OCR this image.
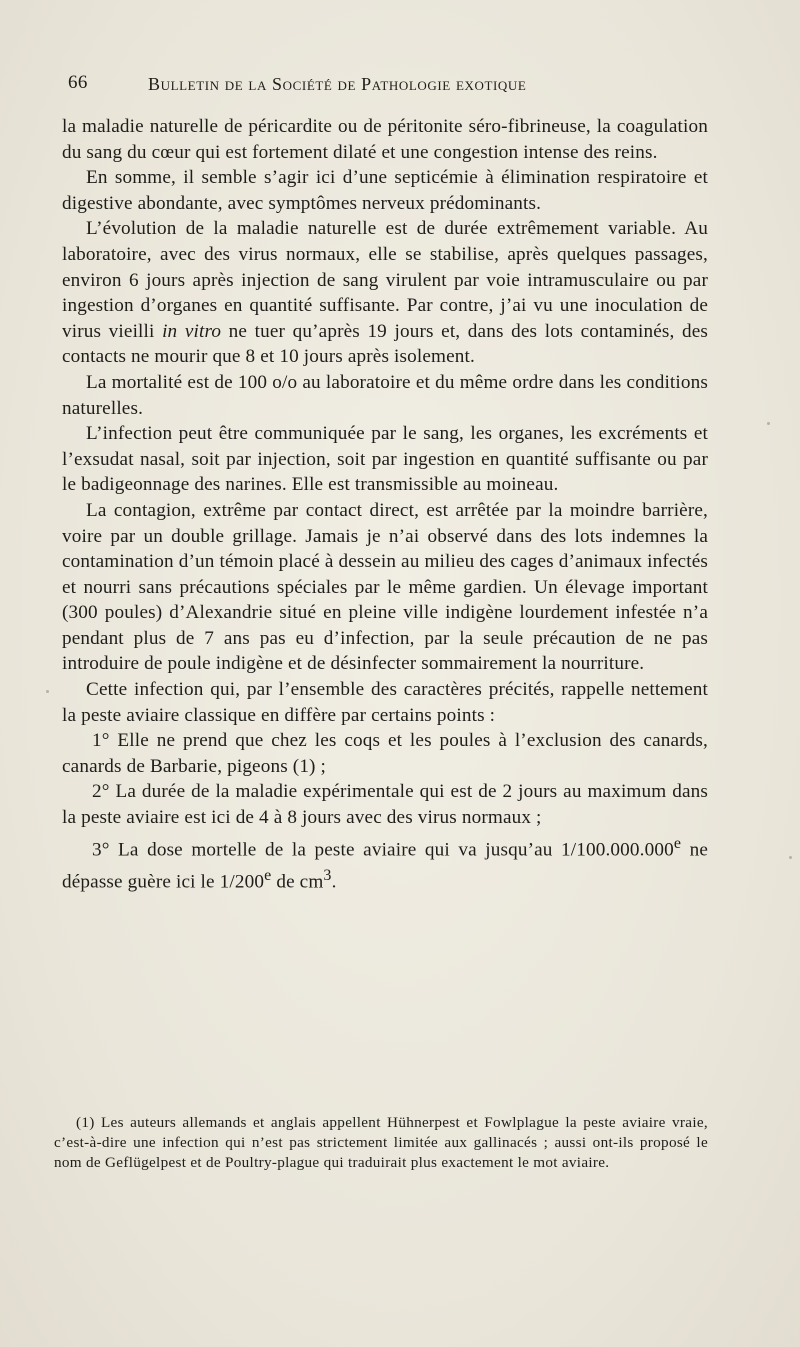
66	Bulletin de la Société de Pathologie exotique

la maladie naturelle de péricardite ou de péritonite séro-fibrineuse, la coagulation du sang du cœur qui est fortement dilaté et une congestion intense des reins.

En somme, il semble s’agir ici d’une septicémie à élimination respiratoire et digestive abondante, avec symptômes nerveux prédominants.

L’évolution de la maladie naturelle est de durée extrêmement variable. Au laboratoire, avec des virus normaux, elle se stabilise, après quelques passages, environ 6 jours après injection de sang virulent par voie intramusculaire ou par ingestion d’organes en quantité suffisante. Par contre, j’ai vu une inoculation de virus vieilli in vitro ne tuer qu’après 19 jours et, dans des lots contaminés, des contacts ne mourir que 8 et 10 jours après isolement.

La mortalité est de 100 o/o au laboratoire et du même ordre dans les conditions naturelles.

L’infection peut être communiquée par le sang, les organes, les excréments et l’exsudat nasal, soit par injection, soit par ingestion en quantité suffisante ou par le badigeonnage des narines. Elle est transmissible au moineau.

La contagion, extrême par contact direct, est arrêtée par la moindre barrière, voire par un double grillage. Jamais je n’ai observé dans des lots indemnes la contamination d’un témoin placé à dessein au milieu des cages d’animaux infectés et nourri sans précautions spéciales par le même gardien. Un élevage important (300 poules) d’Alexandrie situé en pleine ville indigène lourdement infestée n’a pendant plus de 7 ans pas eu d’infection, par la seule précaution de ne pas introduire de poule indigène et de désinfecter sommairement la nourriture.

Cette infection qui, par l’ensemble des caractères précités, rappelle nettement la peste aviaire classique en diffère par certains points :

1° Elle ne prend que chez les coqs et les poules à l’exclusion des canards, canards de Barbarie, pigeons (1) ;

2° La durée de la maladie expérimentale qui est de 2 jours au maximum dans la peste aviaire est ici de 4 à 8 jours avec des virus normaux ;

3° La dose mortelle de la peste aviaire qui va jusqu’au 1/100.000.000e ne dépasse guère ici le 1/200e de $cm^3$.

(1) Les auteurs allemands et anglais appellent Hühnerpest et Fowlplague la peste aviaire vraie, c’est-à-dire une infection qui n’est pas strictement limitée aux gallinacés ; aussi ont-ils proposé le nom de Geflügelpest et de Poultry-plague qui traduirait plus exactement le mot aviaire.
